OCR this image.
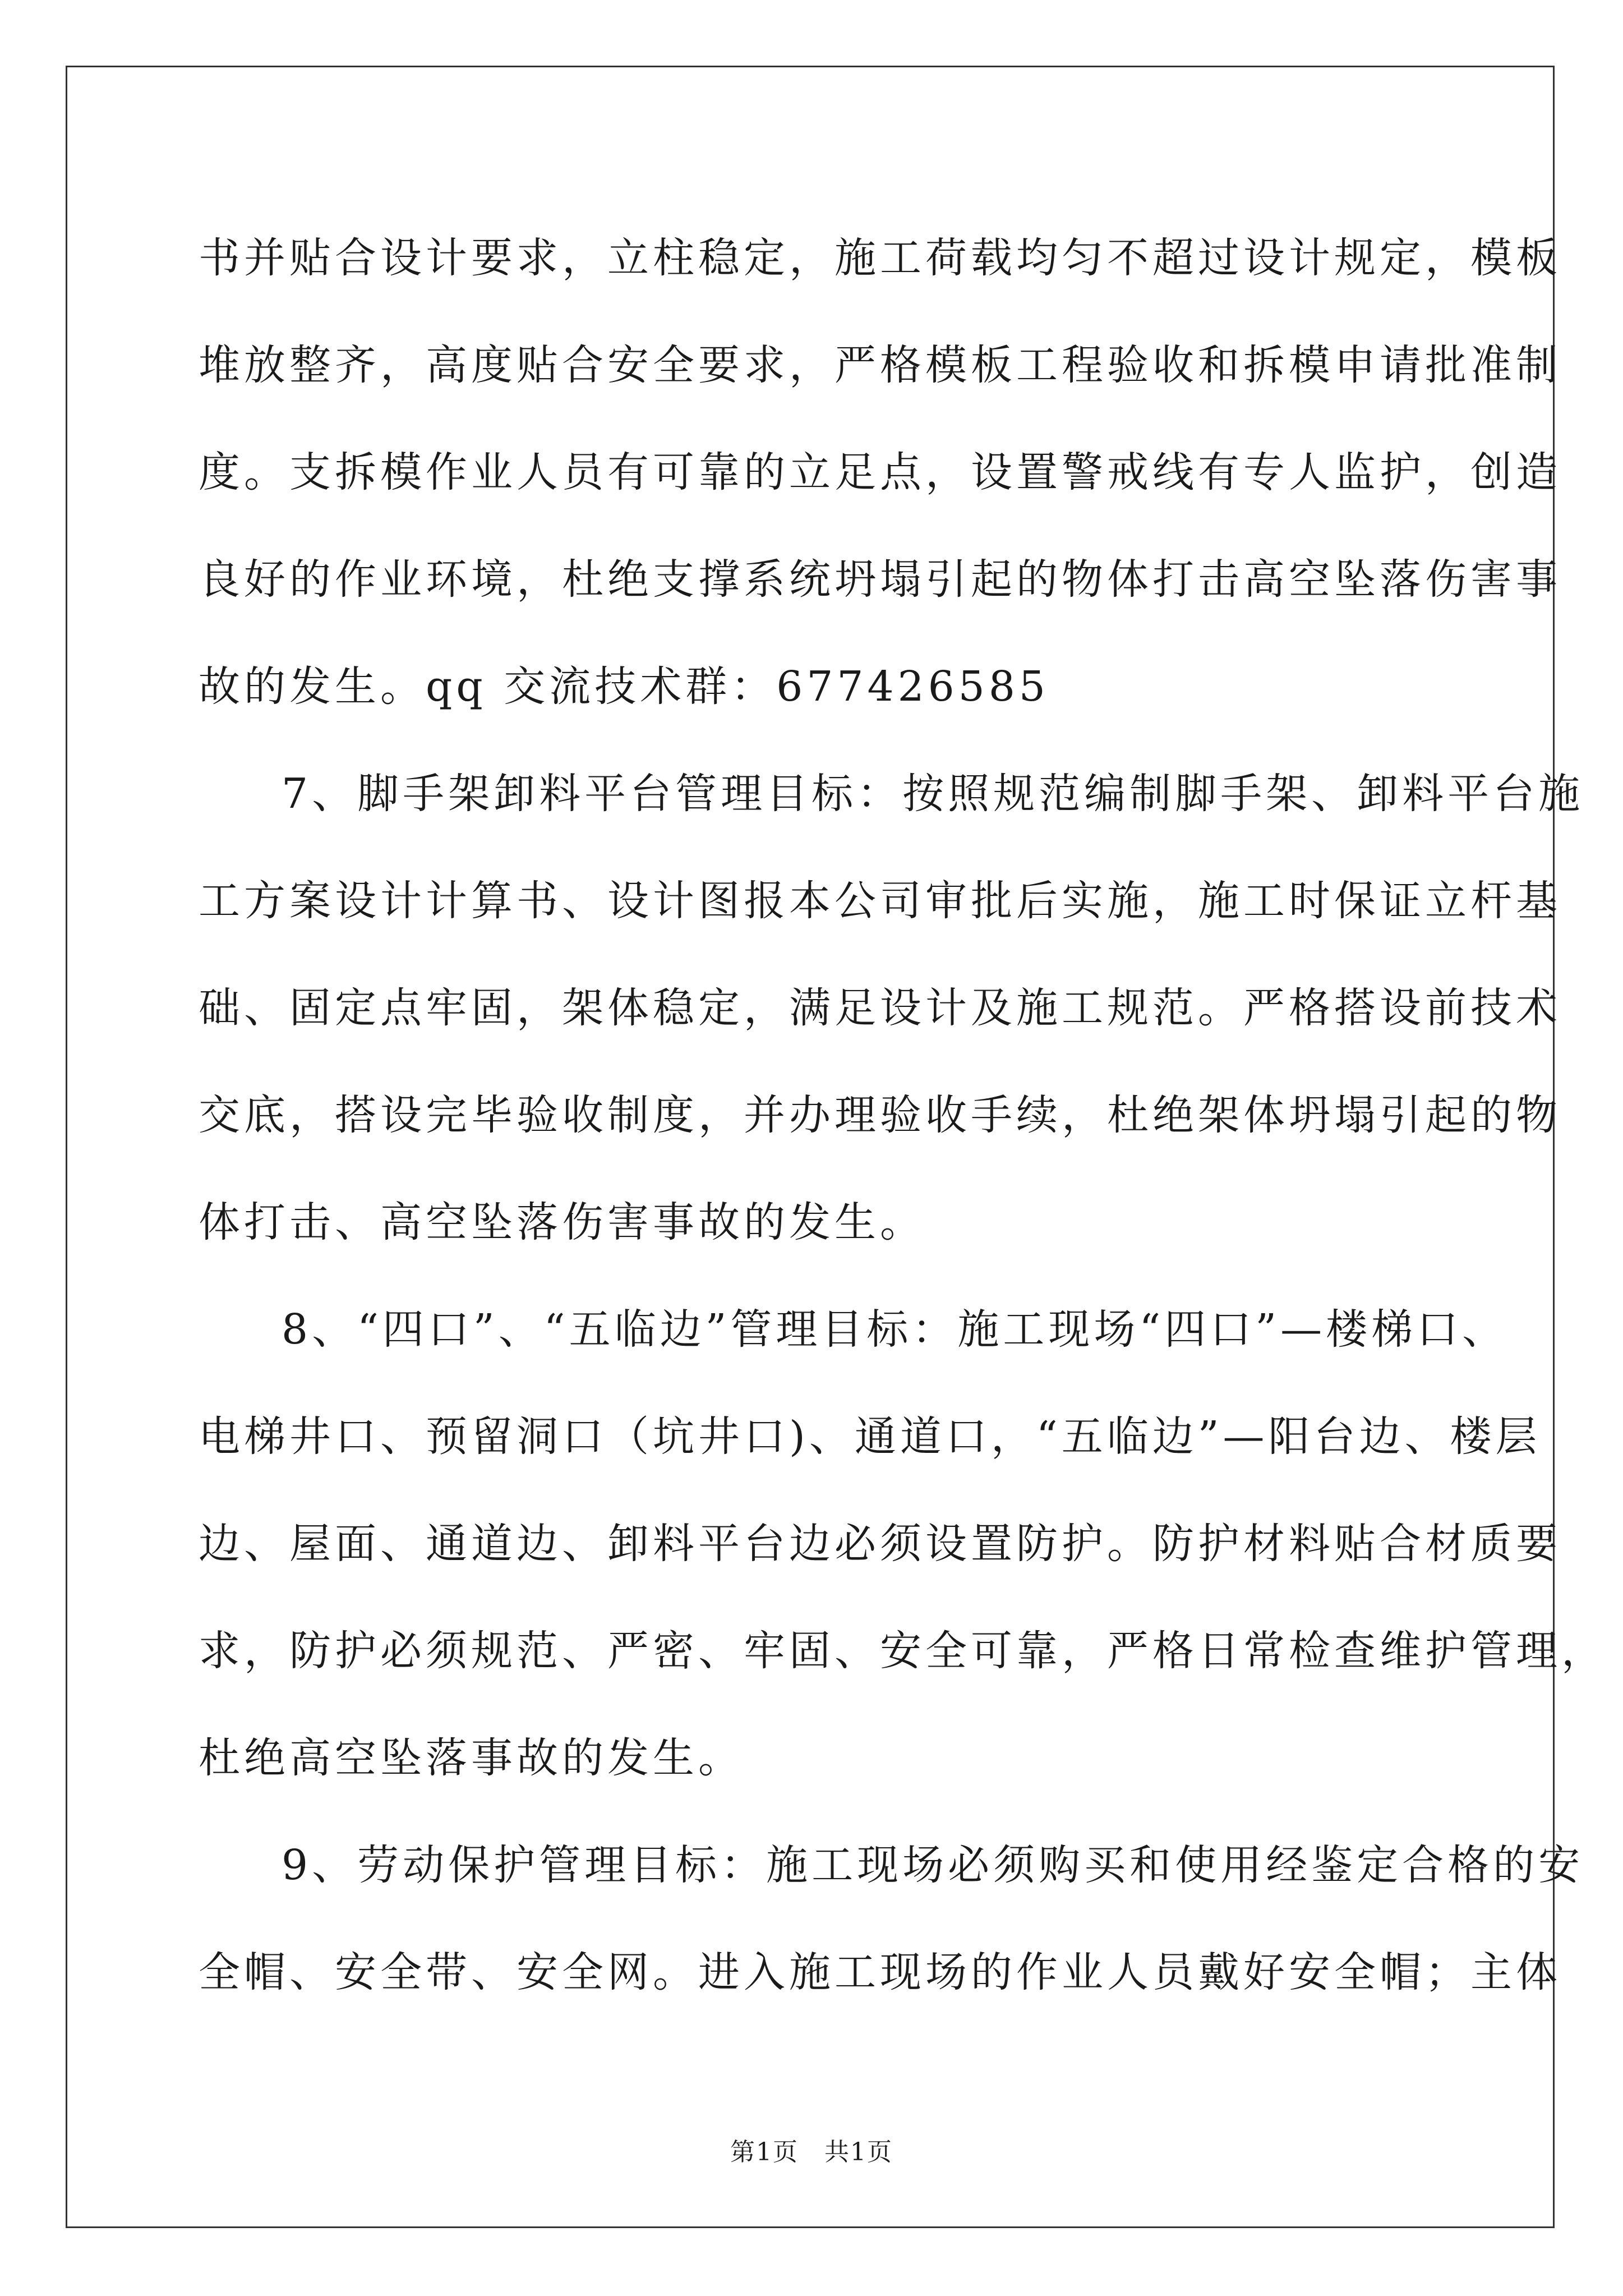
书并贴合设计要求，立柱稳定，施工荷载均匀不超过设计规定，模板
堆放整齐，高度贴合安全要求，严格模板工程验收和拆模申请批准制
度。支拆模作业人员有可靠的立足点，设置警戒线有专人监护，创造
良好的作业环境，杜绝支撑系统坍塌引起的物体打击高空坠落伤害事
故的发生。qq 交流技术群：677426585
7、脚手架卸料平台管理目标：按照规范编制脚手架、卸料平台施
工方案设计计算书、设计图报本公司审批后实施，施工时保证立杆基
础、固定点牢固，架体稳定，满足设计及施工规范。严格搭设前技术
交底，搭设完毕验收制度，并办理验收手续，杜绝架体坍塌引起的物
体打击、高空坠落伤害事故的发生。
8、“四口”、“五临边”管理目标：施工现场“四口”—楼梯口、
电梯井口、预留洞口（坑井口)、通道口，“五临边”—阳台边、楼层
边、屋面、通道边、卸料平台边必须设置防护。防护材料贴合材质要
求，防护必须规范、严密、牢固、安全可靠，严格日常检查维护管理，
杜绝高空坠落事故的发生。
9、劳动保护管理目标：施工现场必须购买和使用经鉴定合格的安
全帽、安全带、安全网。进入施工现场的作业人员戴好安全帽；主体
第1页　共1页
